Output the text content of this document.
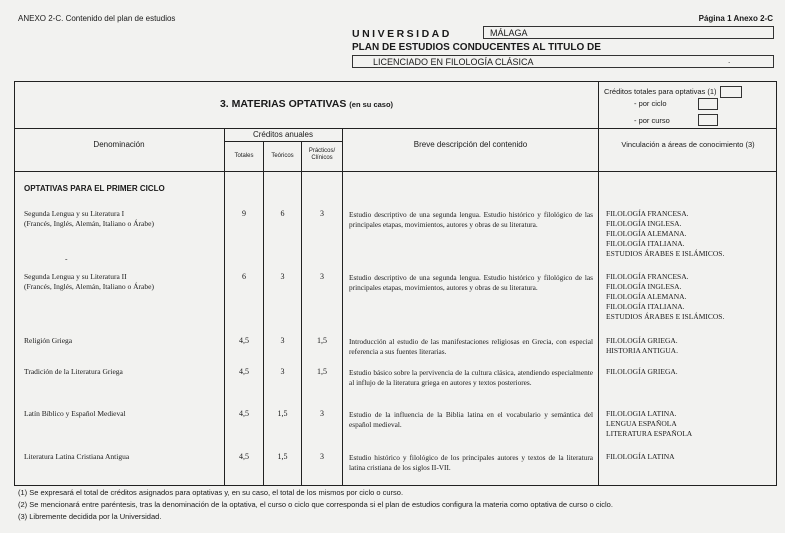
ANEXO 2-C. Contenido del plan de estudios	Página 1 Anexo 2-C
UNIVERSIDAD	MÁLAGA
PLAN DE ESTUDIOS CONDUCENTES AL TITULO DE
LICENCIADO EN FILOLOGÍA CLÁSICA	.
3. MATERIAS OPTATIVAS (en su caso)
Créditos totales para optativas (1)
- por ciclo
- por curso
Denominación
Créditos anuales
Totales	Teóricos
Prácticos/ Clínicos
Breve descripción del contenido	Vinculación a áreas de conocimiento (3)
OPTATIVAS PARA EL PRIMER CICLO
-
Segunda Lengua y su Literatura I
(Francés, Inglés, Alemán, Italiano o Árabe)
9	6	3	Estudio descriptivo de una segunda lengua. Estudio histórico y filológico de las principales etapas, movimientos, autores y obras de su literatura.
FILOLOGÍA FRANCESA.
FILOLOGÍA INGLESA.
FILOLOGÍA ALEMANA.
FILOLOGÍA ITALIANA.
ESTUDIOS ÁRABES E ISLÁMICOS.
Segunda Lengua y su Literatura II
(Francés, Inglés, Alemán, Italiano o Árabe)
6	3	3	Estudio descriptivo de una segunda lengua. Estudio histórico y filológico de las principales etapas, movimientos, autores y obras de su literatura.
FILOLOGÍA FRANCESA.
FILOLOGÍA INGLESA.
FILOLOGÍA ALEMANA.
FILOLOGÍA ITALIANA.
ESTUDIOS ÁRABES E ISLÁMICOS.
Religión Griega	4,5	3	1,5	Introducción al estudio de las manifestaciones religiosas en Grecia, con especial referencia a sus fuentes literarias.
FILOLOGÍA GRIEGA.
HISTORIA ANTIGUA.
Tradición de la Literatura Griega	4,5	3	1,5	Estudio básico sobre la pervivencia de la cultura clásica, atendiendo especialmente al influjo de la literatura griega en autores y textos posteriores.
FILOLOGÍA GRIEGA.
Latín Bíblico y Español Medieval	4,5	1,5	3	Estudio de la influencia de la Biblia latina en el vocabulario y semántica del español medieval.
FILOLOGIA LATINA.
LENGUA ESPAÑOLA
LITERATURA ESPAÑOLA
Literatura Latina Cristiana Antigua	4,5	1,5	3	Estudio histórico y filológico de los principales autores y textos de la literatura latina cristiana de los siglos II-VII.
FILOLOGÍA LATINA
(1) Se expresará el total de créditos asignados para optativas y, en su caso, el total de los mismos por ciclo o curso.
(2) Se mencionará entre paréntesis, tras la denominación de la optativa, el curso o ciclo que corresponda si el plan de estudios configura la materia como optativa de curso o ciclo.
(3) Libremente decidida por la Universidad.
